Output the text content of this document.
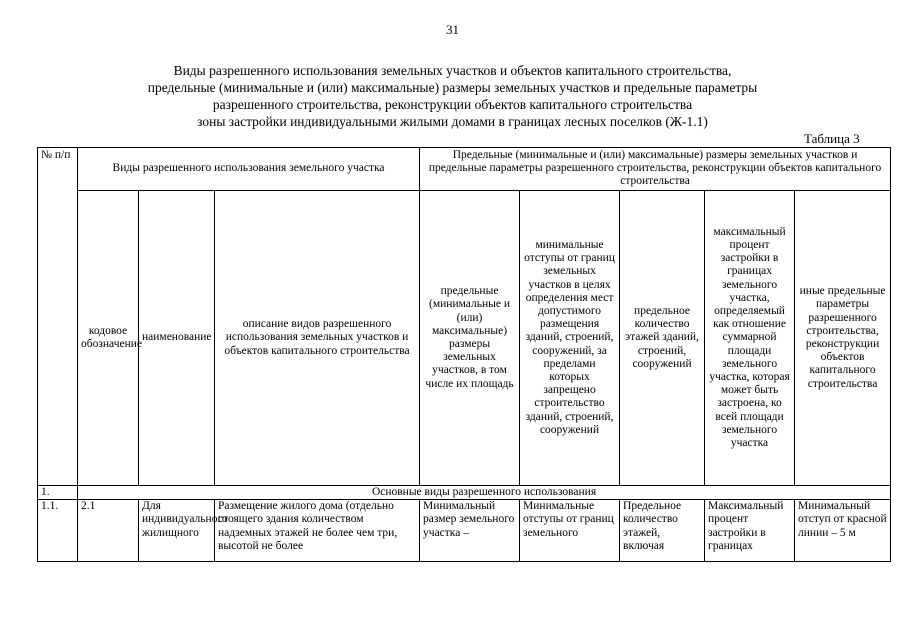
31
Виды разрешенного использования земельных участков и объектов капитального строительства,
предельные (минимальные и (или) максимальные) размеры земельных участков и предельные параметры
разрешенного строительства, реконструкции объектов капитального строительства
зоны застройки индивидуальными жилыми домами в границах лесных поселков (Ж-1.1)
Таблица 3
№ п/п	Виды разрешенного использования земельного участка			Предельные (минимальные и (или) максимальные) размеры земельных участков и предельные параметры разрешенного строительства, реконструкции объектов капитального строительства				
	кодовое обозначение	наименование	описание видов разрешенного использования земельных участков и объектов капитального строительства	предельные (минимальные и (или) максимальные) размеры земельных участков, в том числе их площадь	минимальные отступы от границ земельных участков в целях определения мест допустимого размещения зданий, строений, сооружений, за пределами которых запрещено строительство зданий, строений, сооружений	предельное количество этажей зданий, строений, сооружений	максимальный процент застройки в границах земельного участка, определяемый как отношение суммарной площади земельного участка, которая может быть застроена, ко всей площади земельного участка	иные предельные параметры разрешенного строительства, реконструкции объектов капитального строительства
1.	Основные виды разрешенного использования							
1.1.	2.1	Для индивидуального жилищного	Размещение жилого дома (отдельно стоящего здания количеством надземных этажей не более чем три, высотой не более	Минимальный размер земельного участка –	Минимальные отступы от границ земельного	Предельное количество этажей, включая	Максимальный процент застройки в границах	Минимальный отступ от красной линии – 5 м
